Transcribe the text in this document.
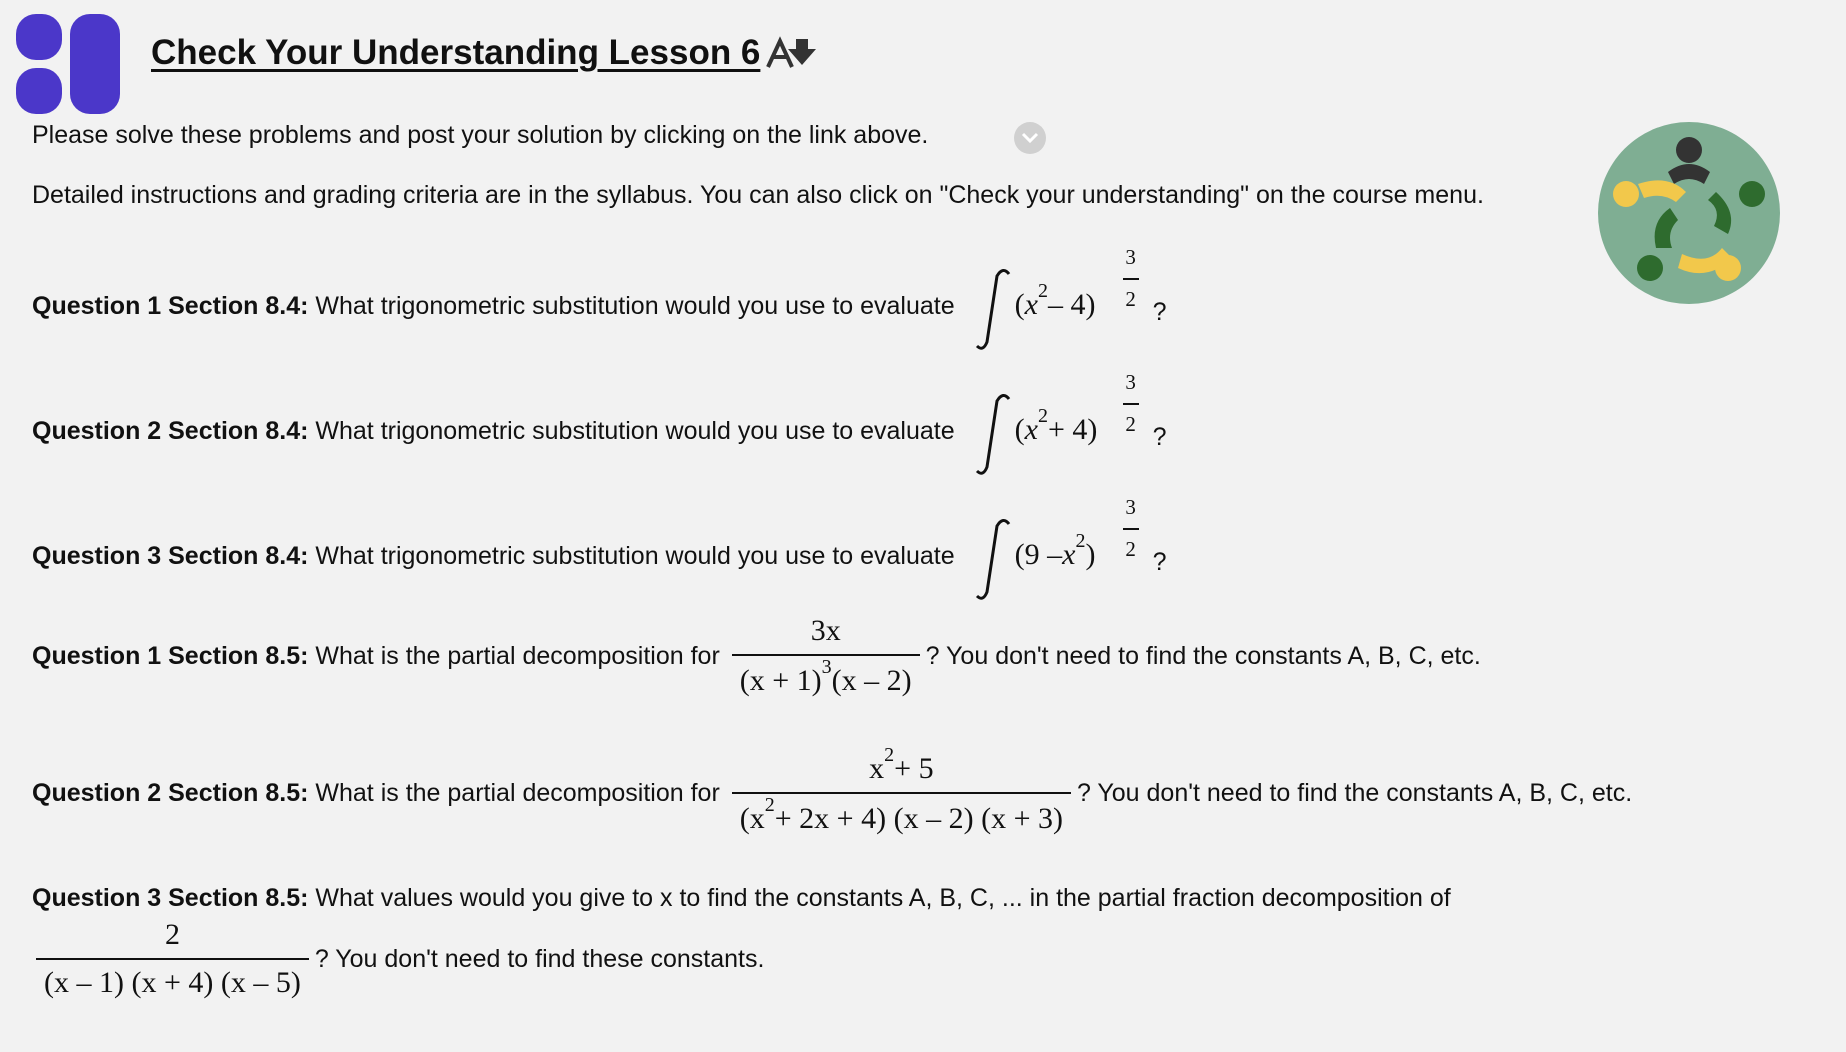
Check Your Understanding Lesson 6
Please solve these problems and post your solution by clicking on the link above.
Detailed instructions and grading criteria are in the syllabus. You can also click on "Check your understanding" on the course menu.
Question 1 Section 8.4:
What trigonometric substitution would you use to evaluate ($x^2-$ 4)
3
2 ?
Question 2 Section 8.4:
What trigonometric substitution would you use to evaluate $(x^2+ 4)$
3
2 ?
Question 3 Section 8.4:
What trigonometric substitution would you use to evaluate (9 $-x^2$)
3
2 ?
Question 1 Section 8.5:
What is the partial decomposition for $\frac{3x}{(x + 1)^3(x - 2)}$ ? You don't need to find the constants A, B, C, etc.
Question 2 Section 8.5:
What is the partial decomposition for $\frac{x^2+ 5}{(x^2+ 2x + 4) (x - 2) (x + 3)}$ ? You don't need to find the constants A, B, C, etc.
Question 3 Section 8.5: What values would you give to x to find the constants A, B, C, ... in the partial fraction decomposition of
$\frac{2}{(x - 1) (x + 4) (x - 5)}$ ? You don't need to find these constants.
